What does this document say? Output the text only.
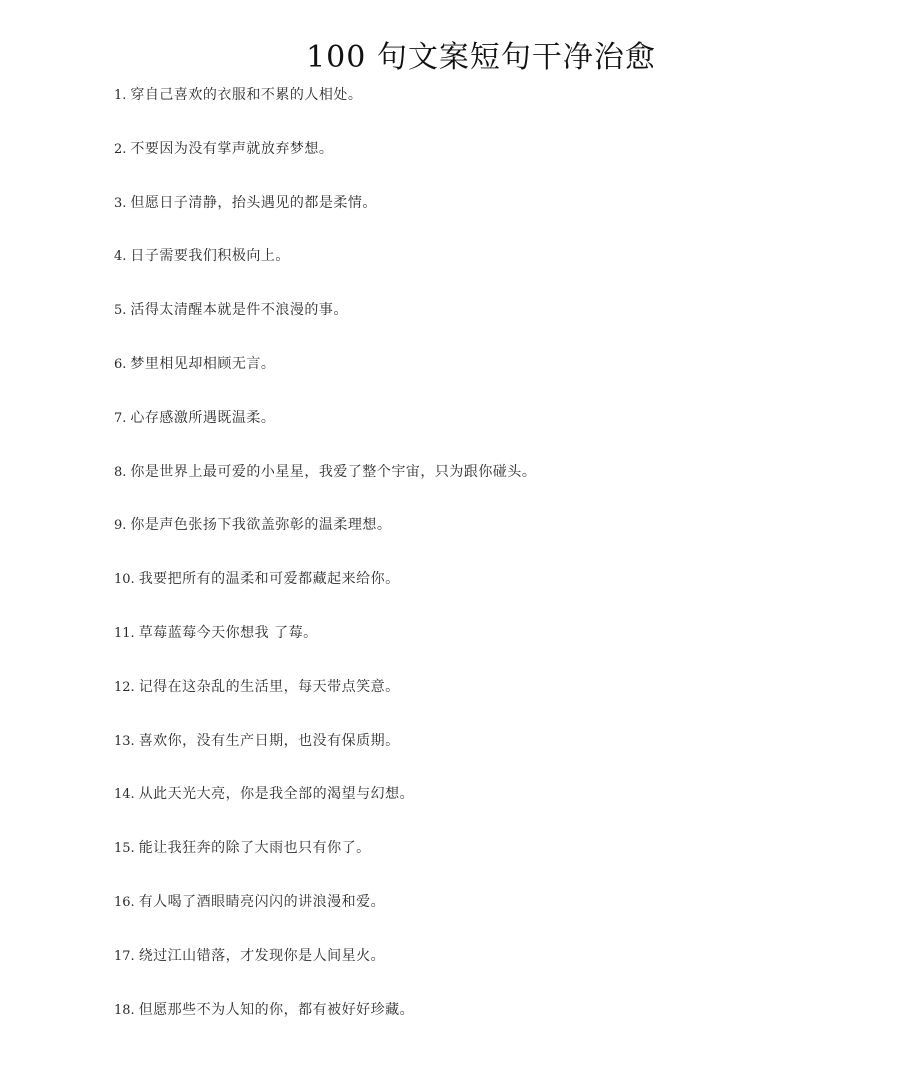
100 句文案短句干净治愈
1. 穿自己喜欢的衣服和不累的人相处。
2. 不要因为没有掌声就放弃梦想。
3. 但愿日子清静，抬头遇见的都是柔情。
4. 日子需要我们积极向上。
5. 活得太清醒本就是件不浪漫的事。
6. 梦里相见却相顾无言。
7. 心存感激所遇既温柔。
8. 你是世界上最可爱的小星星，我爱了整个宇宙，只为跟你碰头。
9. 你是声色张扬下我欲盖弥彰的温柔理想。
10. 我要把所有的温柔和可爱都藏起来给你。
11. 草莓蓝莓今天你想我 了莓。
12. 记得在这杂乱的生活里，每天带点笑意。
13. 喜欢你，没有生产日期，也没有保质期。
14. 从此天光大亮，你是我全部的渴望与幻想。
15. 能让我狂奔的除了大雨也只有你了。
16. 有人喝了酒眼睛亮闪闪的讲浪漫和爱。
17. 绕过江山错落，才发现你是人间星火。
18. 但愿那些不为人知的你，都有被好好珍藏。
